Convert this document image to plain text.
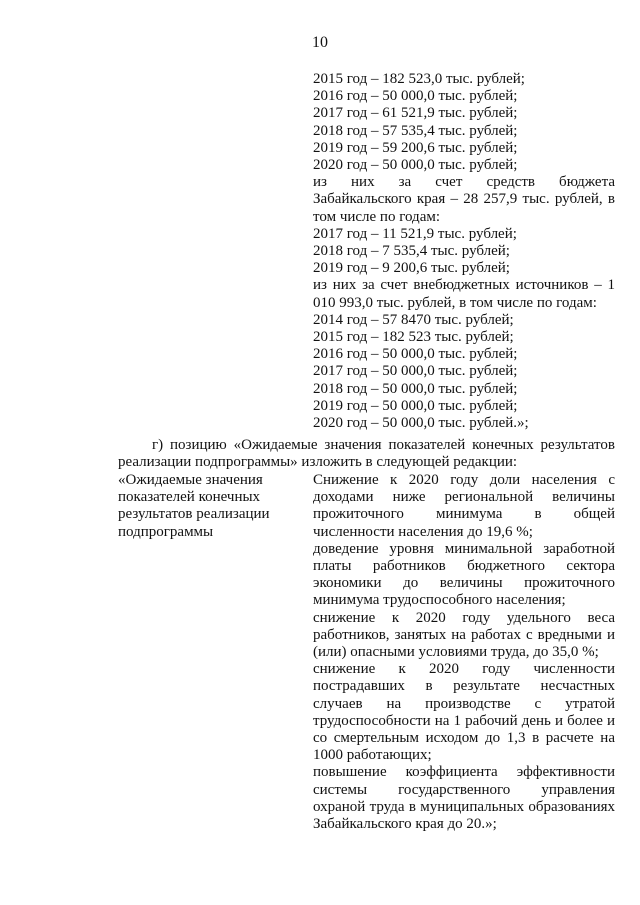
10
2015 год – 182 523,0 тыс. рублей;
2016 год – 50 000,0 тыс. рублей;
2017 год – 61 521,9 тыс. рублей;
2018 год – 57 535,4 тыс. рублей;
2019 год – 59 200,6 тыс. рублей;
2020 год – 50 000,0 тыс. рублей;
из них за счет средств бюджета Забайкальского края – 28 257,9 тыс. рублей, в том числе по годам:
2017 год – 11 521,9 тыс. рублей;
2018 год – 7 535,4 тыс. рублей;
2019 год – 9 200,6 тыс. рублей;
из них за счет внебюджетных источников – 1 010 993,0 тыс. рублей, в том числе по годам:
2014 год – 57 8470 тыс. рублей;
2015 год – 182 523 тыс. рублей;
2016 год – 50 000,0 тыс. рублей;
2017 год – 50 000,0 тыс. рублей;
2018 год – 50 000,0 тыс. рублей;
2019 год – 50 000,0 тыс. рублей;
2020 год – 50 000,0 тыс. рублей.»;
г) позицию «Ожидаемые значения показателей конечных результатов реализации подпрограммы» изложить в следующей редакции:
«Ожидаемые значения показателей конечных результатов реализации подпрограммы
Снижение к 2020 году доли населения с доходами ниже региональной величины прожиточного минимума в общей численности населения до 19,6 %;
доведение уровня минимальной заработной платы работников бюджетного сектора экономики до величины прожиточного минимума трудоспособного населения;
снижение к 2020 году удельного веса работников, занятых на работах с вредными и (или) опасными условиями труда, до 35,0 %;
снижение к 2020 году численности пострадавших в результате несчастных случаев на производстве с утратой трудоспособности на 1 рабочий день и более и со смертельным исходом до 1,3 в расчете на 1000 работающих;
повышение коэффициента эффективности системы государственного управления охраной труда в муниципальных образованиях Забайкальского края до 20.»;
